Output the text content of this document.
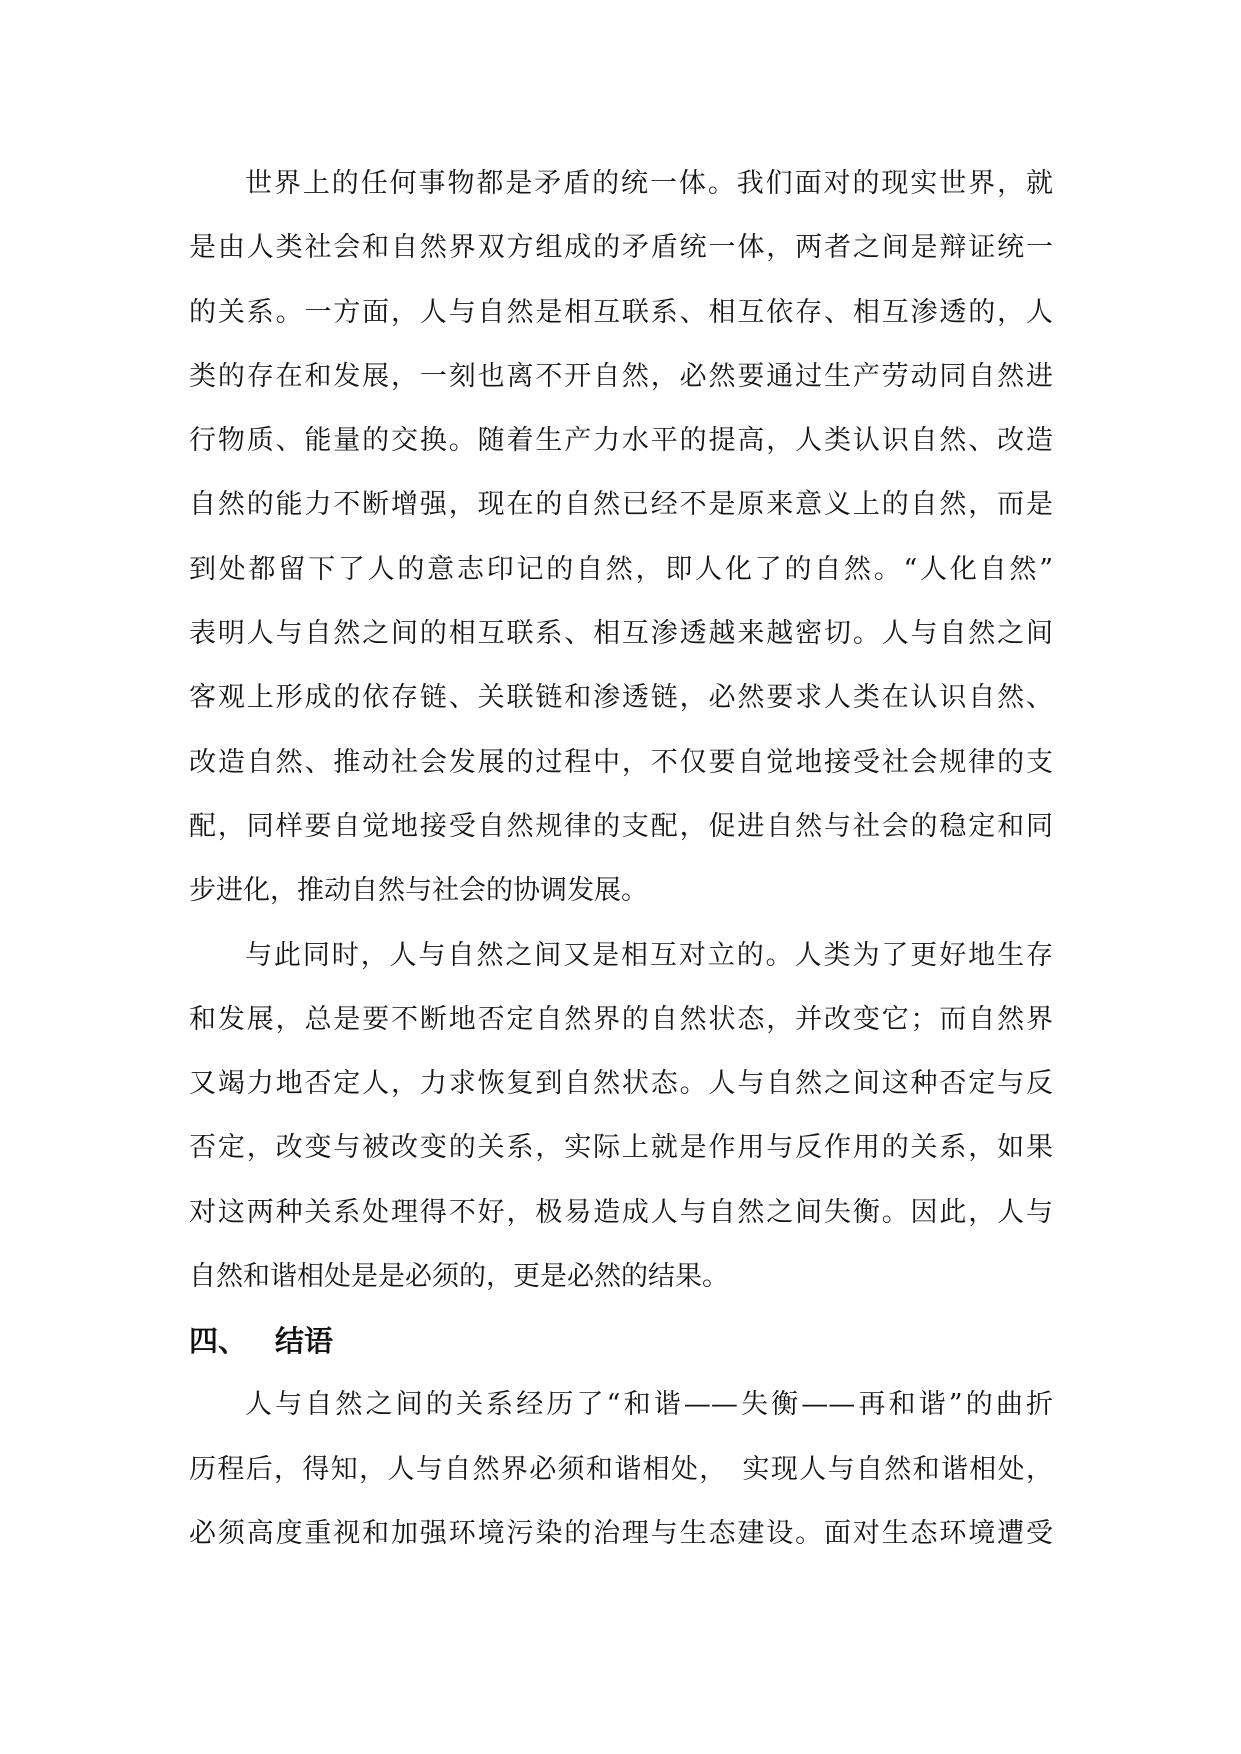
世界上的任何事物都是矛盾的统一体。我们面对的现实世界，就
是由人类社会和自然界双方组成的矛盾统一体，两者之间是辩证统一
的关系。一方面，人与自然是相互联系、相互依存、相互渗透的，人
类的存在和发展，一刻也离不开自然，必然要通过生产劳动同自然进
行物质、能量的交换。随着生产力水平的提高，人类认识自然、改造
自然的能力不断增强，现在的自然已经不是原来意义上的自然，而是
到处都留下了人的意志印记的自然，即人化了的自然。“人化自然”
表明人与自然之间的相互联系、相互渗透越来越密切。人与自然之间
客观上形成的依存链、关联链和渗透链，必然要求人类在认识自然、
改造自然、推动社会发展的过程中，不仅要自觉地接受社会规律的支
配，同样要自觉地接受自然规律的支配，促进自然与社会的稳定和同
步进化，推动自然与社会的协调发展。
与此同时，人与自然之间又是相互对立的。人类为了更好地生存
和发展，总是要不断地否定自然界的自然状态，并改变它；而自然界
又竭力地否定人，力求恢复到自然状态。人与自然之间这种否定与反
否定，改变与被改变的关系，实际上就是作用与反作用的关系，如果
对这两种关系处理得不好，极易造成人与自然之间失衡。因此，人与
自然和谐相处是是必须的，更是必然的结果。
四、 结语
人与自然之间的关系经历了“和谐——失衡——再和谐”的曲折
历程后，得知，人与自然界必须和谐相处，　实现人与自然和谐相处，
必须高度重视和加强环境污染的治理与生态建设。面对生态环境遭受
